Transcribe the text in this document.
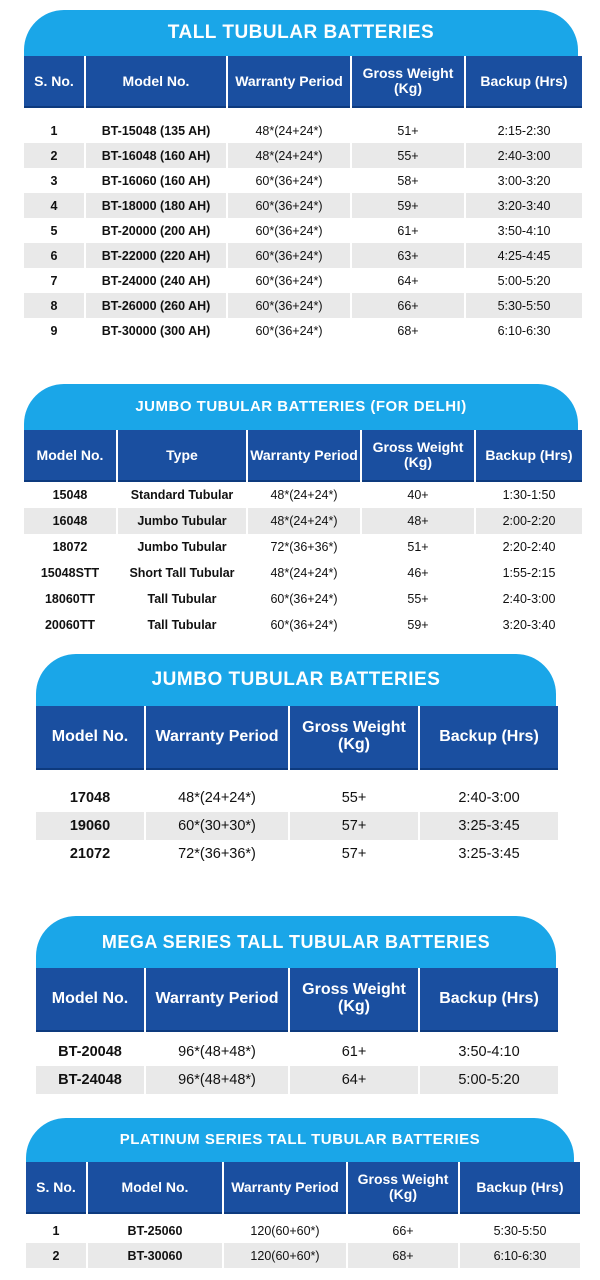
TALL TUBULAR BATTERIES
S. No.	Model No.	Warranty Period	Gross Weight (Kg)	Backup (Hrs)

1	BT-15048 (135 AH)	48*(24+24*)	51+	2:15-2:30
2	BT-16048 (160 AH)	48*(24+24*)	55+	2:40-3:00
3	BT-16060 (160 AH)	60*(36+24*)	58+	3:00-3:20
4	BT-18000 (180 AH)	60*(36+24*)	59+	3:20-3:40
5	BT-20000 (200 AH)	60*(36+24*)	61+	3:50-4:10
6	BT-22000 (220 AH)	60*(36+24*)	63+	4:25-4:45
7	BT-24000 (240 AH)	60*(36+24*)	64+	5:00-5:20
8	BT-26000 (260 AH)	60*(36+24*)	66+	5:30-5:50
9	BT-30000 (300 AH)	60*(36+24*)	68+	6:10-6:30
JUMBO TUBULAR BATTERIES (FOR DELHI)
Model No.	Type	Warranty Period	Gross Weight (Kg)	Backup (Hrs)
15048	Standard Tubular	48*(24+24*)	40+	1:30-1:50
16048	Jumbo Tubular	48*(24+24*)	48+	2:00-2:20
18072	Jumbo Tubular	72*(36+36*)	51+	2:20-2:40
15048STT	Short Tall Tubular	48*(24+24*)	46+	1:55-2:15
18060TT	Tall Tubular	60*(36+24*)	55+	2:40-3:00
20060TT	Tall Tubular	60*(36+24*)	59+	3:20-3:40
JUMBO TUBULAR BATTERIES
Model No.	Warranty Period	Gross Weight (Kg)	Backup (Hrs)

17048	48*(24+24*)	55+	2:40-3:00
19060	60*(30+30*)	57+	3:25-3:45
21072	72*(36+36*)	57+	3:25-3:45
MEGA SERIES TALL TUBULAR BATTERIES
Model No.	Warranty Period	Gross Weight (Kg)	Backup (Hrs)

BT-20048	96*(48+48*)	61+	3:50-4:10
BT-24048	96*(48+48*)	64+	5:00-5:20
PLATINUM SERIES TALL TUBULAR BATTERIES
S. No.	Model No.	Warranty Period	Gross Weight (Kg)	Backup (Hrs)

1	BT-25060	120(60+60*)	66+	5:30-5:50
2	BT-30060	120(60+60*)	68+	6:10-6:30
